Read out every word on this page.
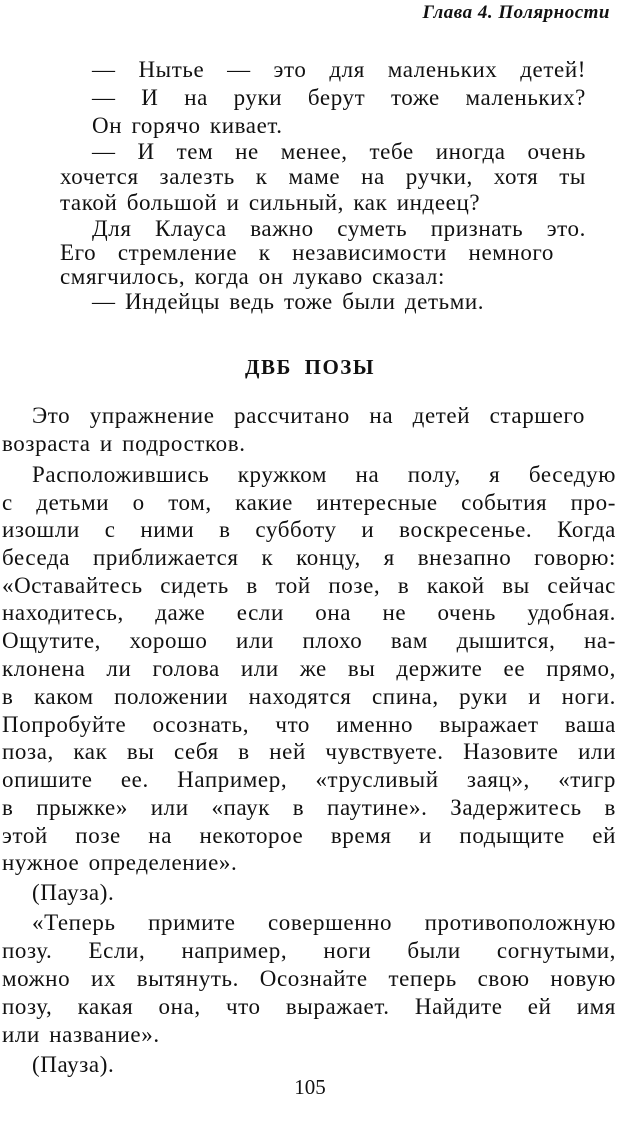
Глава 4. Полярности
— Нытье — это для маленьких детей!
— И на руки берут тоже маленьких?
Он горячо кивает.
— И тем не менее, тебе иногда очень
хочется залезть к маме на ручки, хотя ты
такой большой и сильный, как индеец?
Для Клауса важно суметь признать это.
Его стремление к независимости немного
смягчилось, когда он лукаво сказал:
— Индейцы ведь тоже были детьми.
ДВБ ПОЗЫ
Это упражнение рассчитано на детей старшего
возраста и подростков.
Расположившись кружком на полу, я беседую
с детьми о том, какие интересные события про-
изошли с ними в субботу и воскресенье. Когда
беседа приближается к концу, я внезапно говорю:
«Оставайтесь сидеть в той позе, в какой вы сейчас
находитесь, даже если она не очень удобная.
Ощутите, хорошо или плохо вам дышится, на-
клонена ли голова или же вы держите ее прямо,
в каком положении находятся спина, руки и ноги.
Попробуйте осознать, что именно выражает ваша
поза, как вы себя в ней чувствуете. Назовите или
опишите ее. Например, «трусливый заяц», «тигр
в прыжке» или «паук в паутине». Задержитесь в
этой позе на некоторое время и подыщите ей
нужное определение».
(Пауза).
«Теперь примите совершенно противоположную
позу. Если, например, ноги были согнутыми,
можно их вытянуть. Осознайте теперь свою новую
позу, какая она, что выражает. Найдите ей имя
или название».
(Пауза).
105
